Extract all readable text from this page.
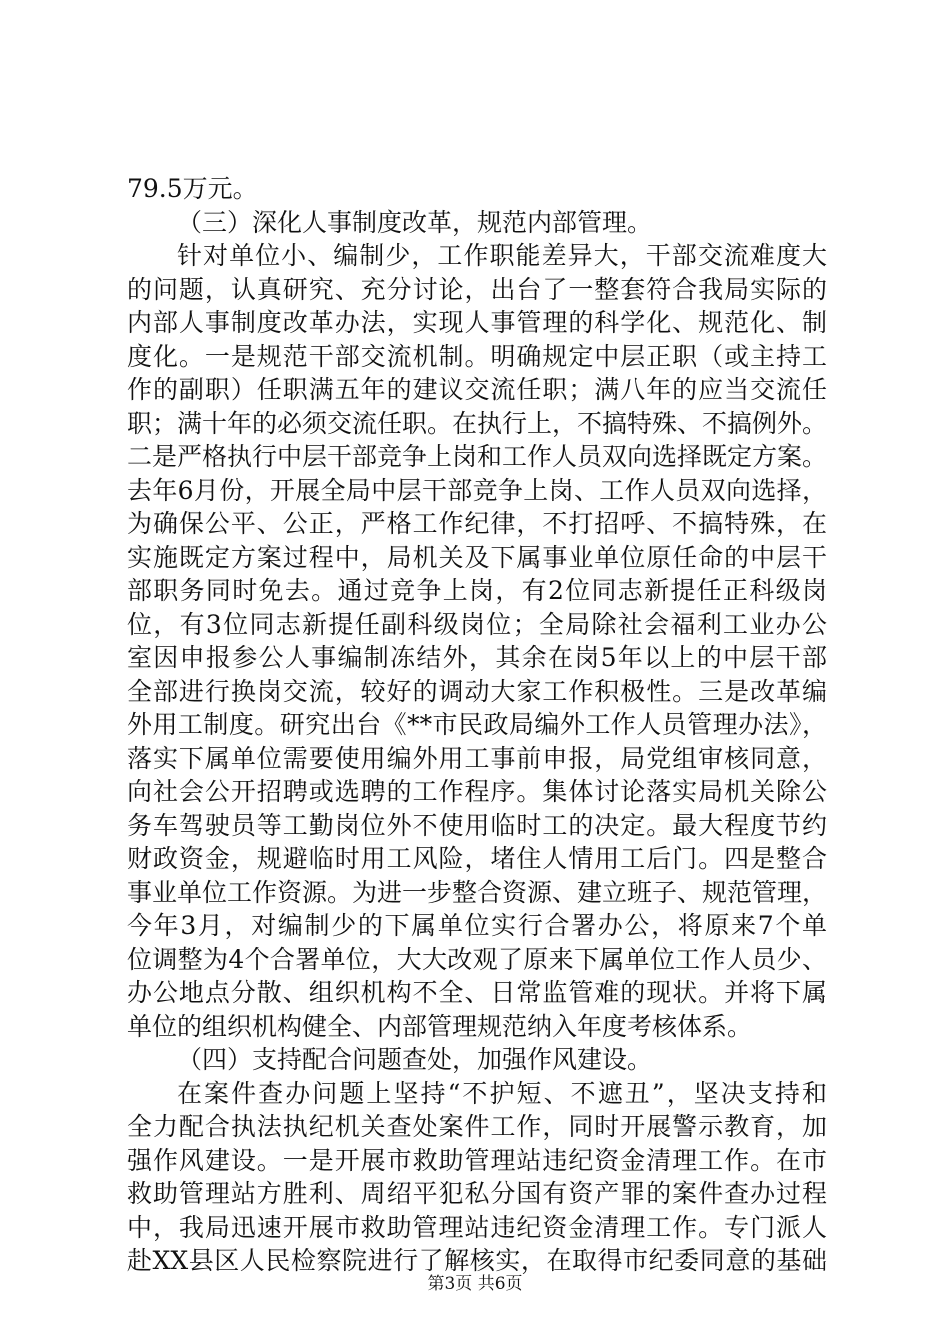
79.5万元。
（三）深化人事制度改革，规范内部管理。
针对单位小、编制少，工作职能差异大，干部交流难度大
的问题，认真研究、充分讨论，出台了一整套符合我局实际的
内部人事制度改革办法，实现人事管理的科学化、规范化、制
度化。一是规范干部交流机制。明确规定中层正职（或主持工
作的副职）任职满五年的建议交流任职；满八年的应当交流任
职；满十年的必须交流任职。在执行上，不搞特殊、不搞例外。
二是严格执行中层干部竞争上岗和工作人员双向选择既定方案。
去年6月份，开展全局中层干部竞争上岗、工作人员双向选择，
为确保公平、公正，严格工作纪律，不打招呼、不搞特殊，在
实施既定方案过程中，局机关及下属事业单位原任命的中层干
部职务同时免去。通过竞争上岗，有2位同志新提任正科级岗
位，有3位同志新提任副科级岗位；全局除社会福利工业办公
室因申报参公人事编制冻结外，其余在岗5年以上的中层干部
全部进行换岗交流，较好的调动大家工作积极性。三是改革编
外用工制度。研究出台《**市民政局编外工作人员管理办法》，
落实下属单位需要使用编外用工事前申报，局党组审核同意，
向社会公开招聘或选聘的工作程序。集体讨论落实局机关除公
务车驾驶员等工勤岗位外不使用临时工的决定。最大程度节约
财政资金，规避临时用工风险，堵住人情用工后门。四是整合
事业单位工作资源。为进一步整合资源、建立班子、规范管理，
今年3月，对编制少的下属单位实行合署办公，将原来7个单
位调整为4个合署单位，大大改观了原来下属单位工作人员少、
办公地点分散、组织机构不全、日常监管难的现状。并将下属
单位的组织机构健全、内部管理规范纳入年度考核体系。
（四）支持配合问题查处，加强作风建设。
在案件查办问题上坚持“不护短、不遮丑”，坚决支持和
全力配合执法执纪机关查处案件工作，同时开展警示教育，加
强作风建设。一是开展市救助管理站违纪资金清理工作。在市
救助管理站方胜利、周绍平犯私分国有资产罪的案件查办过程
中，我局迅速开展市救助管理站违纪资金清理工作。专门派人
赴XX县区人民检察院进行了解核实，在取得市纪委同意的基础
第3页 共6页
